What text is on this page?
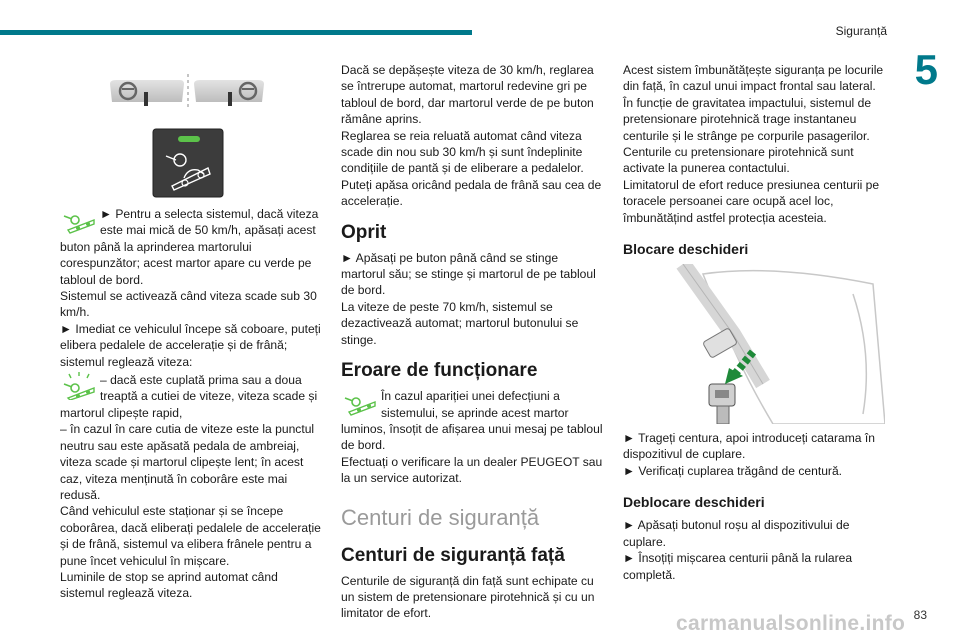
Siguranță
5
► Pentru a selecta sistemul, dacă viteza este mai mică de 50 km/h, apăsați acest buton până la aprinderea martorului corespunzător; acest martor apare cu verde pe tabloul de bord.
Sistemul se activează când viteza scade sub 30 km/h.
► Imediat ce vehiculul începe să coboare, puteți elibera pedalele de accelerație și de frână; sistemul reglează viteza:
– dacă este cuplată prima sau a doua treaptă a cutiei de viteze, viteza scade și martorul clipește rapid,
– în cazul în care cutia de viteze este la punctul neutru sau este apăsată pedala de ambreiaj, viteza scade și martorul clipește lent; în acest caz, viteza menținută în coborâre este mai redusă.
Când vehiculul este staționar și se începe coborârea, dacă eliberați pedalele de accelerație și de frână, sistemul va elibera frânele pentru a pune încet vehiculul în mișcare.
Luminile de stop se aprind automat când sistemul reglează viteza.
Dacă se depășește viteza de 30 km/h, reglarea se întrerupe automat, martorul redevine gri pe tabloul de bord, dar martorul verde de pe buton rămâne aprins.
Reglarea se reia reluată automat când viteza scade din nou sub 30 km/h și sunt îndeplinite condițiile de pantă și de eliberare a pedalelor.
Puteți apăsa oricând pedala de frână sau cea de accelerație.
Oprit
► Apăsați pe buton până când se stinge martorul său; se stinge și martorul de pe tabloul de bord.
La viteze de peste 70 km/h, sistemul se dezactivează automat; martorul butonului se stinge.
Eroare de funcționare
În cazul apariției unei defecțiuni a sistemului, se aprinde acest martor luminos, însoțit de afișarea unui mesaj pe tabloul de bord.
Efectuați o verificare la un dealer PEUGEOT sau la un service autorizat.
Centuri de siguranță
Centuri de siguranță față
Centurile de siguranță din față sunt echipate cu un sistem de pretensionare pirotehnică și cu un limitator de efort.
Acest sistem îmbunătățește siguranța pe locurile din față, în cazul unui impact frontal sau lateral. În funcție de gravitatea impactului, sistemul de pretensionare pirotehnică trage instantaneu centurile și le strânge pe corpurile pasagerilor. Centurile cu pretensionare pirotehnică sunt activate la punerea contactului.
Limitatorul de efort reduce presiunea centurii pe toracele persoanei care ocupă acel loc, îmbunătățind astfel protecția acesteia.
Blocare deschideri
► Trageți centura, apoi introduceți catarama în dispozitivul de cuplare.
► Verificați cuplarea trăgând de centură.
Deblocare deschideri
► Apăsați butonul roșu al dispozitivului de cuplare.
► Însoțiți mișcarea centurii până la rularea completă.
83
carmanualsonline.info
